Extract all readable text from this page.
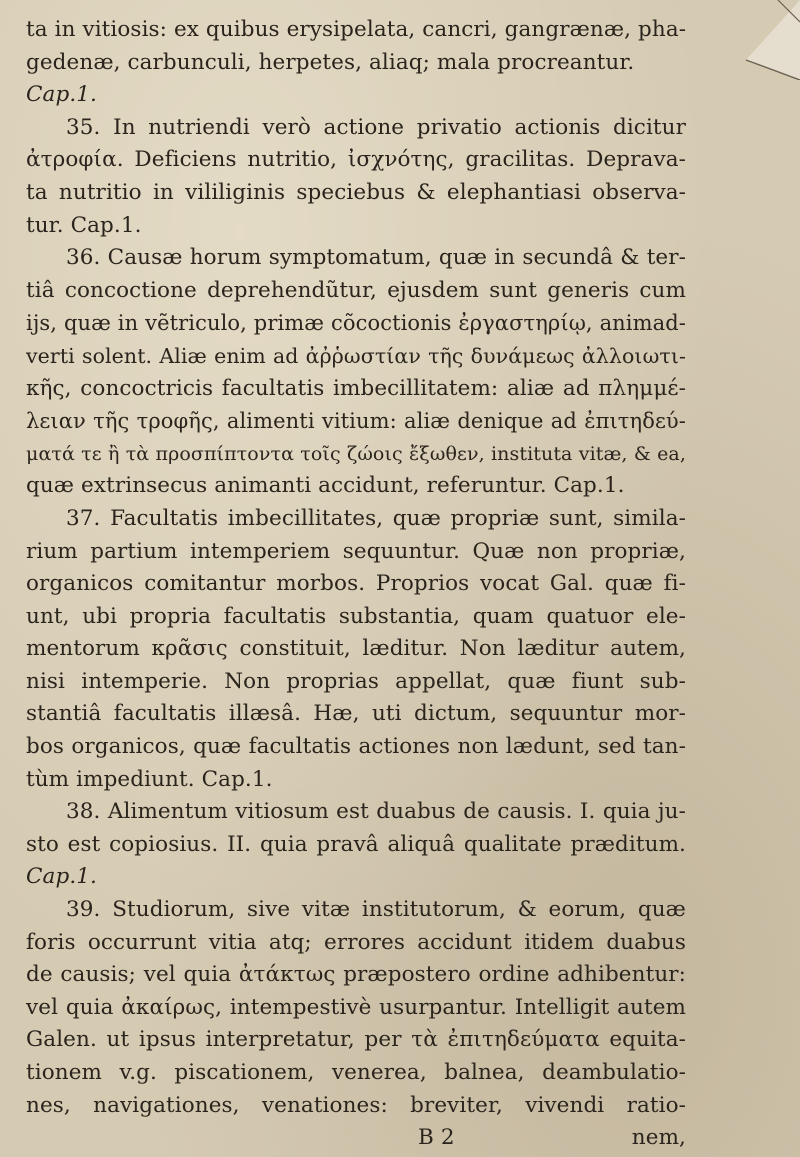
ta in vitiosis: ex quibus erysipelata, cancri, gangrænæ, pha-
gedenæ, carbunculi, herpetes, aliaq; mala procreantur.
Cap.1.
35. In nutriendi verò actione privatio actionis dicitur
ἀτροφία. Deficiens nutritio, ἰσχνότης, gracilitas. Deprava-
ta nutritio in vililiginis speciebus & elephantiasi observa-
tur. Cap.1.
36. Causæ horum symptomatum, quæ in secundâ & ter-
tiâ concoctione deprehendũtur, ejusdem sunt generis cum
ijs, quæ in vẽtriculo, primæ cõcoctionis ἐργαστηρίῳ, animad-
verti solent. Aliæ enim ad ἀῤῥωστίαν τῆς δυνάμεως ἀλλοιωτι-
κῆς, concoctricis facultatis imbecillitatem: aliæ ad πλημμέ-
λειαν τῆς τροφῆς, alimenti vitium: aliæ denique ad ἐπιτηδεύ-
ματά τε ἢ τὰ προσπίπτοντα τοῖς ζώοις ἔξωθεν, instituta vitæ, & ea,
quæ extrinsecus animanti accidunt, referuntur. Cap.1.
37. Facultatis imbecillitates, quæ propriæ sunt, simila-
rium partium intemperiem sequuntur. Quæ non propriæ,
organicos comitantur morbos. Proprios vocat Gal. quæ fi-
unt, ubi propria facultatis substantia, quam quatuor ele-
mentorum κρᾶσις constituit, læditur. Non læditur autem,
nisi intemperie. Non proprias appellat, quæ fiunt sub-
stantiâ facultatis illæsâ. Hæ, uti dictum, sequuntur mor-
bos organicos, quæ facultatis actiones non lædunt, sed tan-
tùm impediunt. Cap.1.
38. Alimentum vitiosum est duabus de causis. I. quia ju-
sto est copiosius. II. quia pravâ aliquâ qualitate præditum.
Cap.1.
39. Studiorum, sive vitæ institutorum, & eorum, quæ
foris occurrunt vitia atq; errores accidunt itidem duabus
de causis; vel quia ἀτάκτως præpostero ordine adhibentur:
vel quia ἀκαίρως, intempestivè usurpantur. Intelligit autem
Galen. ut ipsus interpretatur, per τὰ ἐπιτηδεύματα equita-
tionem v.g. piscationem, venerea, balnea, deambulatio-
nes, navigationes, venationes: breviter, vivendi ratio-
B 2	nem,
